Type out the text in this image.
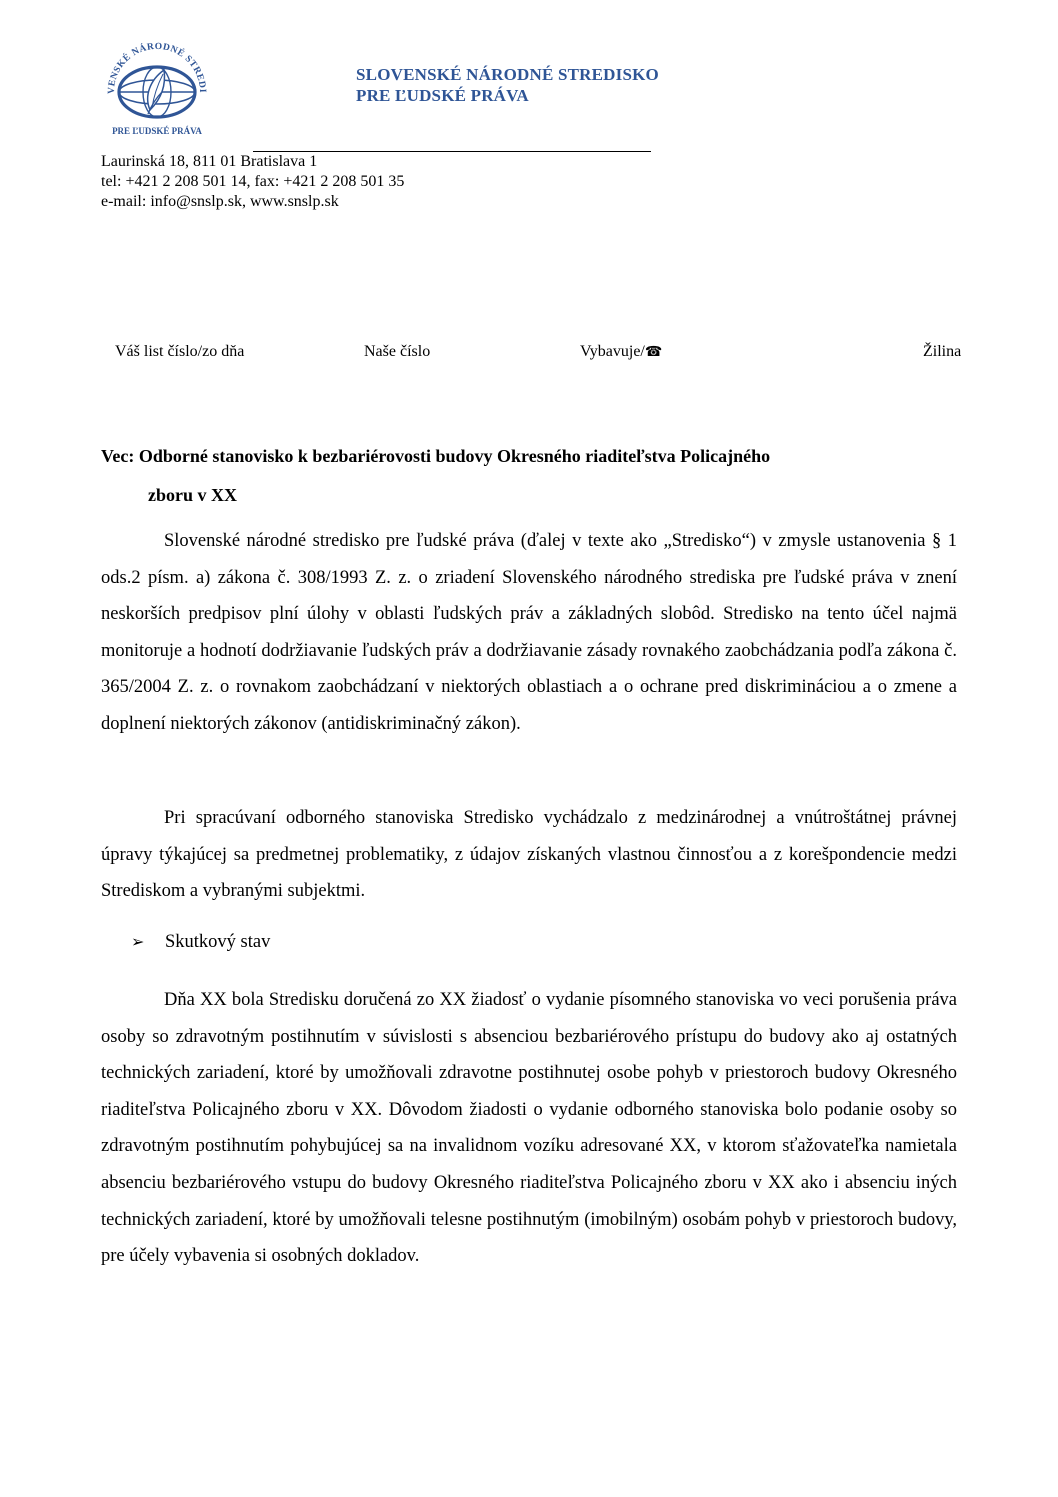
VENSKÉ NÁRODNÉ STREDI
PRE ĽUDSKÉ PRÁVA
SLOVENSKÉ NÁRODNÉ STREDISKO
PRE ĽUDSKÉ PRÁVA
Laurinská 18, 811 01 Bratislava 1
tel: +421 2 208 501 14, fax: +421 2 208 501 35
e-mail: info@snslp.sk, www.snslp.sk
Váš list číslo/zo dňa	Naše číslo	Vybavuje/☎	Žilina
Vec: Odborné stanovisko k bezbariérovosti budovy Okresného riaditeľstva Policajného
zboru v XX

Slovenské národné stredisko pre ľudské práva (ďalej v texte ako „Stredisko“) v zmysle ustanovenia § 1 ods.2 písm. a) zákona č. 308/1993 Z. z. o zriadení Slovenského národného strediska pre ľudské práva v znení neskorších predpisov plní úlohy v oblasti ľudských práv a základných slobôd. Stredisko na tento účel najmä monitoruje a hodnotí dodržiavanie ľudských práv a dodržiavanie zásady rovnakého zaobchádzania podľa zákona č. 365/2004 Z. z. o rovnakom zaobchádzaní v niektorých oblastiach a o ochrane pred diskrimináciou a o zmene a doplnení niektorých zákonov (antidiskriminačný zákon).

Pri spracúvaní odborného stanoviska Stredisko vychádzalo z medzinárodnej a vnútroštátnej právnej úpravy týkajúcej sa predmetnej problematiky, z údajov získaných vlastnou činnosťou a z korešpondencie medzi Strediskom a vybranými subjektmi.

➢ Skutkový stav

Dňa XX bola Stredisku doručená zo XX žiadosť o vydanie písomného stanoviska vo veci porušenia práva osoby so zdravotným postihnutím v súvislosti s absenciou bezbariérového prístupu do budovy ako aj ostatných technických zariadení, ktoré by umožňovali zdravotne postihnutej osobe pohyb v priestoroch budovy Okresného riaditeľstva Policajného zboru v XX. Dôvodom žiadosti o vydanie odborného stanoviska bolo podanie osoby so zdravotným postihnutím pohybujúcej sa na invalidnom vozíku adresované XX, v ktorom sťažovateľka namietala absenciu bezbariérového vstupu do budovy Okresného riaditeľstva Policajného zboru v XX ako i absenciu iných technických zariadení, ktoré by umožňovali telesne postihnutým (imobilným) osobám pohyb v priestoroch budovy, pre účely vybavenia si osobných dokladov.
